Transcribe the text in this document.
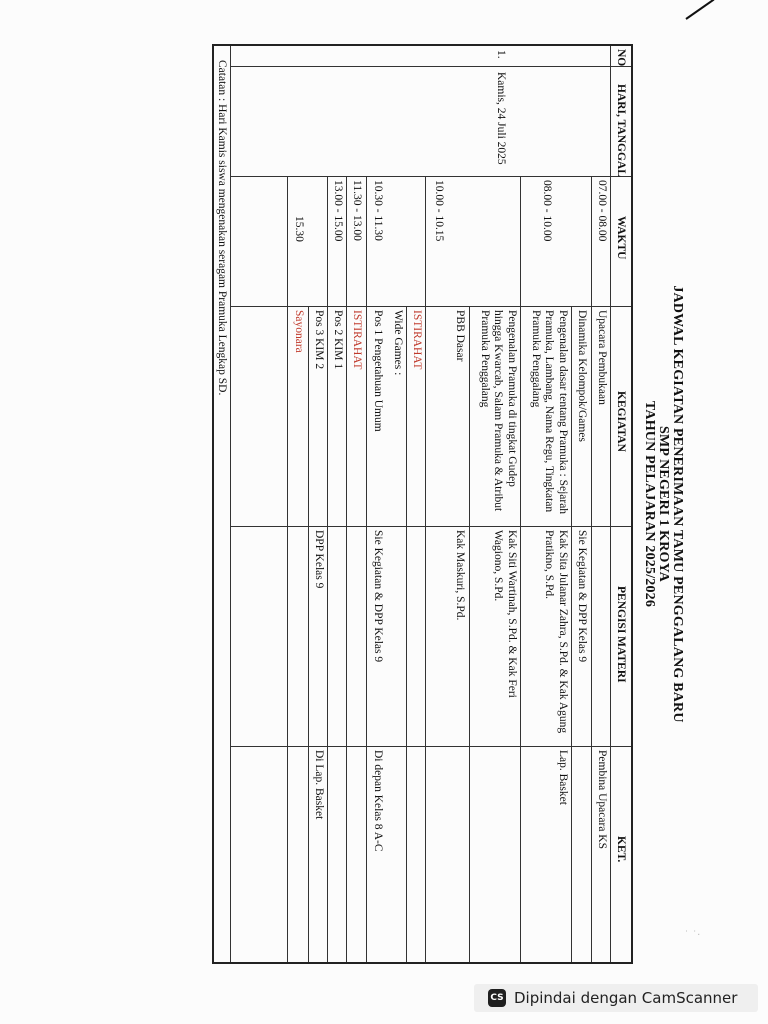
˙ ˙·
JADWAL KEGIATAN PENERIMAAN TAMU PENGGALANG BARU
SMP NEGERI 1 KROYA
TAHUN PELAJARAN 2025/2026
NO
HARI, TANGGAL
WAKTU
KEGIATAN
PENGISI MATERI
KET.
1.
Kamis, 24 Juli 2025
07.00 - 08.00
Upacara Pembukaan
Pembina Upacara KS
Dinamika Kelompok/Games
Sie Kegiatan & DPP Kelas 9
08.00 - 10.00
Pengenalan dasar tentang Pramuka : Sejarah Pramuka, Lambang, Nama Regu, Tingkatan Pramuka Penggalang
Kak Sita Julanar Zahra, S.Pd. & Kak Agung Pratikno, S.Pd.
Lap. Basket
Pengenalan Pramuka di tingkat Gudep hingga Kwarcab, Salam Pramuka & Atribut Pramuka Penggalang
Kak Siti Wartinah, S.Pd. & Kak Feri Wagiono, S.Pd.
PBB Dasar
Kak Maskuri, S.Pd.
10.00 - 10.15
ISTIRAHAT
Wide Games :
10.30 - 11.30
Pos 1 Pengetahuan Umum
Sie Kegiatan & DPP Kelas 9
Di depan Kelas 8 A-C
11.30 - 13.00
ISTIRAHAT
13.00 - 15.00
Pos 2 KIM 1
DPP Kelas 9
Di Lap. Basket
Pos 3 KIM 2
15.30
Sayonara
Catatan : Hari Kamis siswa mengenakan seragam Pramuka Lengkap SD.
CS Dipindai dengan CamScanner
